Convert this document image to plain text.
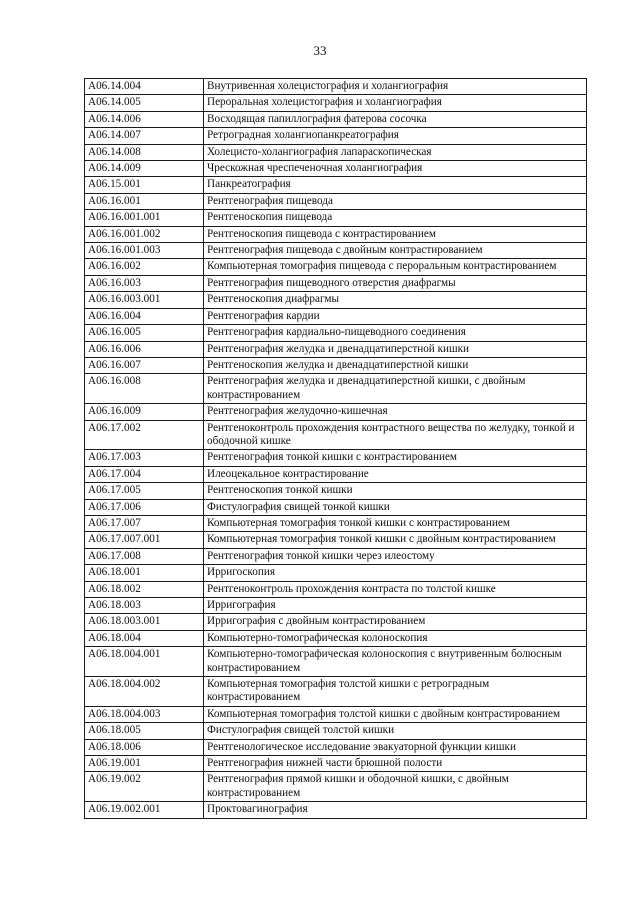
33
А06.14.004	Внутривенная холецистография и холангиография
А06.14.005	Пероральная холецистография и холангиография
А06.14.006	Восходящая папиллография фатерова сосочка
А06.14.007	Ретроградная холангиопанкреатография
А06.14.008	Холецисто-холангиография лапараскопическая
А06.14.009	Чрескожная чреспеченочная холангиография
А06.15.001	Панкреатография
А06.16.001	Рентгенография пищевода
А06.16.001.001	Рентгеноскопия пищевода
А06.16.001.002	Рентгеноскопия пищевода с контрастированием
А06.16.001.003	Рентгенография пищевода с двойным контрастированием
А06.16.002	Компьютерная томография пищевода с пероральным контрастированием
А06.16.003	Рентгенография пищеводного отверстия диафрагмы
А06.16.003.001	Рентгеноскопия диафрагмы
А06.16.004	Рентгенография кардии
А06.16.005	Рентгенография кардиально-пищеводного соединения
А06.16.006	Рентгенография желудка и двенадцатиперстной кишки
А06.16.007	Рентгеноскопия желудка и двенадцатиперстной кишки
А06.16.008	Рентгенография желудка и двенадцатиперстной кишки, с двойным контрастированием
А06.16.009	Рентгенография желудочно-кишечная
А06.17.002	Рентгеноконтроль прохождения контрастного вещества по желудку, тонкой и ободочной кишке
А06.17.003	Рентгенография тонкой кишки с контрастированием
А06.17.004	Илеоцекальное контрастирование
А06.17.005	Рентгеноскопия тонкой кишки
А06.17.006	Фистулография свищей тонкой кишки
А06.17.007	Компьютерная томография тонкой кишки с контрастированием
А06.17.007.001	Компьютерная томография тонкой кишки с двойным контрастированием
А06.17.008	Рентгенография тонкой кишки через илеостому
А06.18.001	Ирригоскопия
А06.18.002	Рентгеноконтроль прохождения контраста по толстой кишке
А06.18.003	Ирригография
А06.18.003.001	Ирригография с двойным контрастированием
А06.18.004	Компьютерно-томографическая колоноскопия
А06.18.004.001	Компьютерно-томографическая колоноскопия с внутривенным болюсным контрастированием
А06.18.004.002	Компьютерная томография толстой кишки с ретроградным контрастированием
А06.18.004.003	Компьютерная томография толстой кишки с двойным контрастированием
А06.18.005	Фистулография свищей толстой кишки
А06.18.006	Рентгенологическое исследование эвакуаторной функции кишки
А06.19.001	Рентгенография нижней части брюшной полости
А06.19.002	Рентгенография прямой кишки и ободочной кишки, с двойным контрастированием
А06.19.002.001	Проктовагинография
